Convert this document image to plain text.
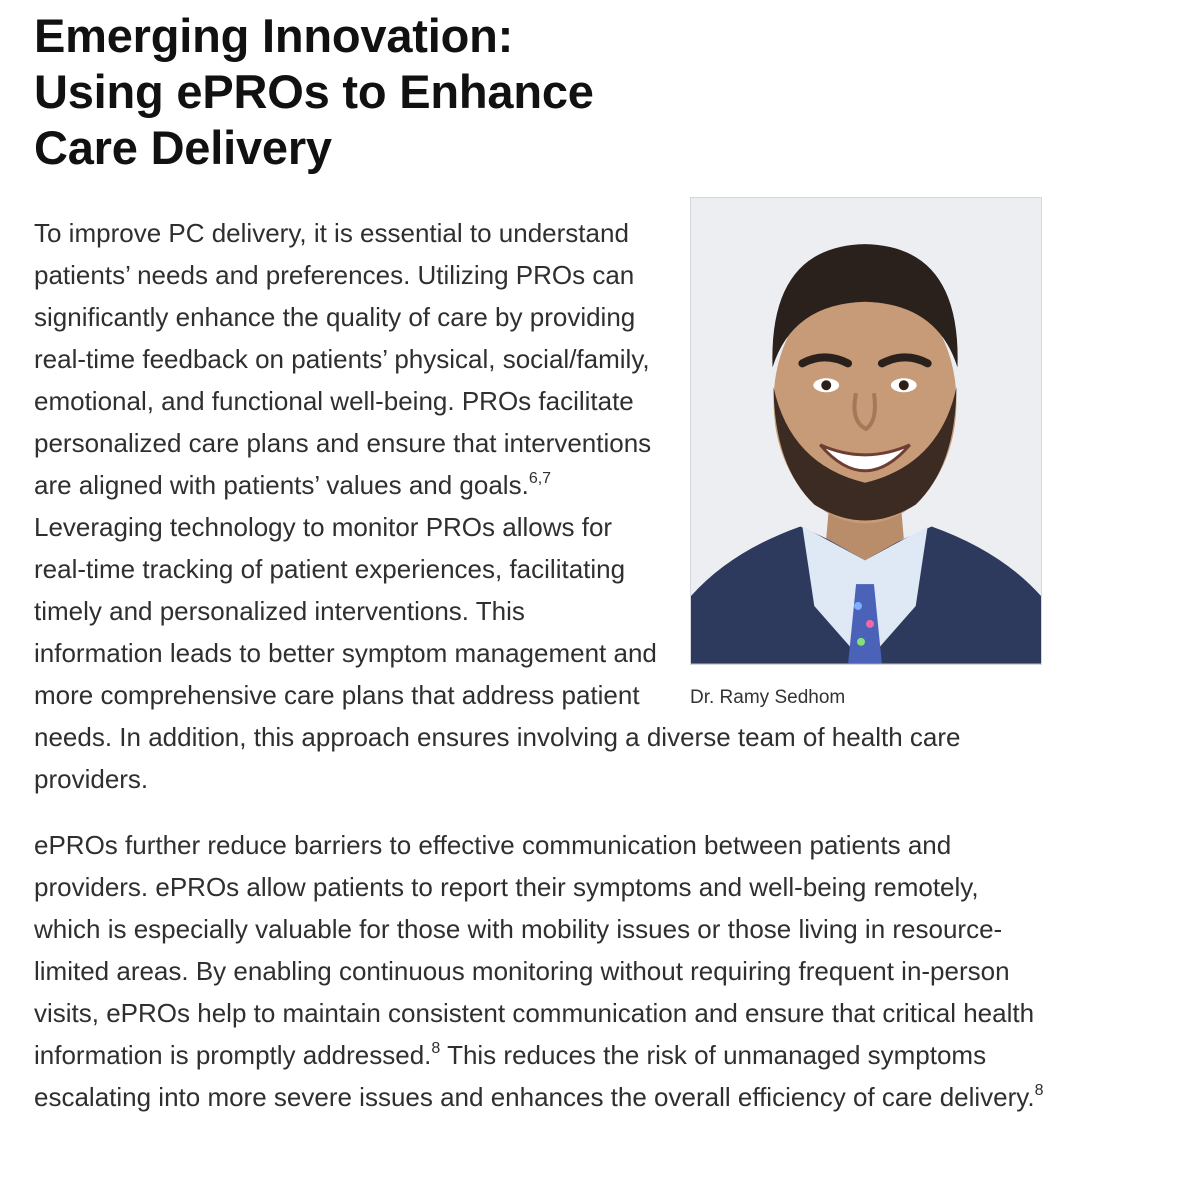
Emerging Innovation:
Using ePROs to Enhance
Care Delivery
Dr. Ramy Sedhom

To improve PC delivery, it is essential to understand patients’ needs and preferences. Utilizing PROs can significantly enhance the quality of care by providing real-time feedback on patients’ physical, social/family, emotional, and functional well-being. PROs facilitate personalized care plans and ensure that interventions are aligned with patients’ values and goals.$^{6,7}$ Leveraging technology to monitor PROs allows for real-time tracking of patient experiences, facilitating timely and personalized interventions. This information leads to better symptom management and more comprehensive care plans that address patient needs. In addition, this approach ensures involving a diverse team of health care providers.

ePROs further reduce barriers to effective communication between patients and providers. ePROs allow patients to report their symptoms and well-being remotely, which is especially valuable for those with mobility issues or those living in resource-limited areas. By enabling continuous monitoring without requiring frequent in-person visits, ePROs help to maintain consistent communication and ensure that critical health information is promptly addressed.$^8$ This reduces the risk of unmanaged symptoms escalating into more severe issues and enhances the overall efficiency of care delivery.$^8$
